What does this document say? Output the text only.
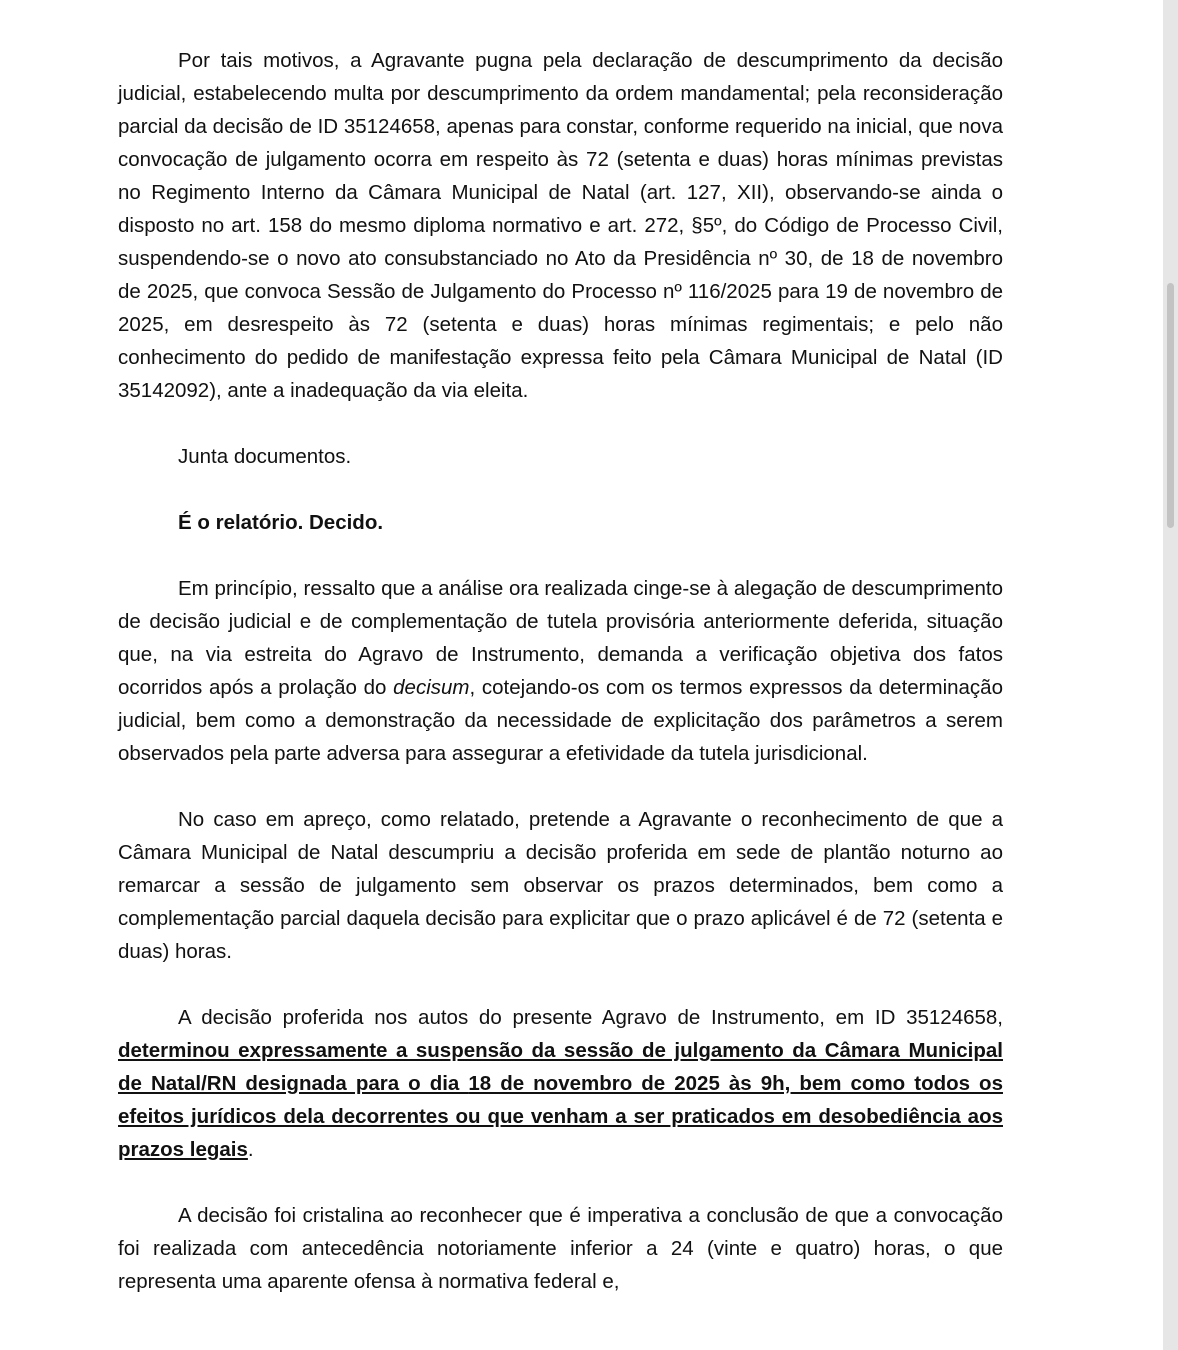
Por tais motivos, a Agravante pugna pela declaração de descumprimento da decisão judicial, estabelecendo multa por descumprimento da ordem mandamental; pela reconsideração parcial da decisão de ID 35124658, apenas para constar, conforme requerido na inicial, que nova convocação de julgamento ocorra em respeito às 72 (setenta e duas) horas mínimas previstas no Regimento Interno da Câmara Municipal de Natal (art. 127, XII), observando-se ainda o disposto no art. 158 do mesmo diploma normativo e art. 272, §5º, do Código de Processo Civil, suspendendo-se o novo ato consubstanciado no Ato da Presidência nº 30, de 18 de novembro de 2025, que convoca Sessão de Julgamento do Processo nº 116/2025 para 19 de novembro de 2025, em desrespeito às 72 (setenta e duas) horas mínimas regimentais; e pelo não conhecimento do pedido de manifestação expressa feito pela Câmara Municipal de Natal (ID 35142092), ante a inadequação da via eleita.

Junta documentos.

É o relatório. Decido.

Em princípio, ressalto que a análise ora realizada cinge-se à alegação de descumprimento de decisão judicial e de complementação de tutela provisória anteriormente deferida, situação que, na via estreita do Agravo de Instrumento, demanda a verificação objetiva dos fatos ocorridos após a prolação do decisum, cotejando-os com os termos expressos da determinação judicial, bem como a demonstração da necessidade de explicitação dos parâmetros a serem observados pela parte adversa para assegurar a efetividade da tutela jurisdicional.

No caso em apreço, como relatado, pretende a Agravante o reconhecimento de que a Câmara Municipal de Natal descumpriu a decisão proferida em sede de plantão noturno ao remarcar a sessão de julgamento sem observar os prazos determinados, bem como a complementação parcial daquela decisão para explicitar que o prazo aplicável é de 72 (setenta e duas) horas.

A decisão proferida nos autos do presente Agravo de Instrumento, em ID 35124658, determinou expressamente a suspensão da sessão de julgamento da Câmara Municipal de Natal/RN designada para o dia 18 de novembro de 2025 às 9h, bem como todos os efeitos jurídicos dela decorrentes ou que venham a ser praticados em desobediência aos prazos legais.

A decisão foi cristalina ao reconhecer que é imperativa a conclusão de que a convocação foi realizada com antecedência notoriamente inferior a 24 (vinte e quatro) horas, o que representa uma aparente ofensa à normativa federal e,
